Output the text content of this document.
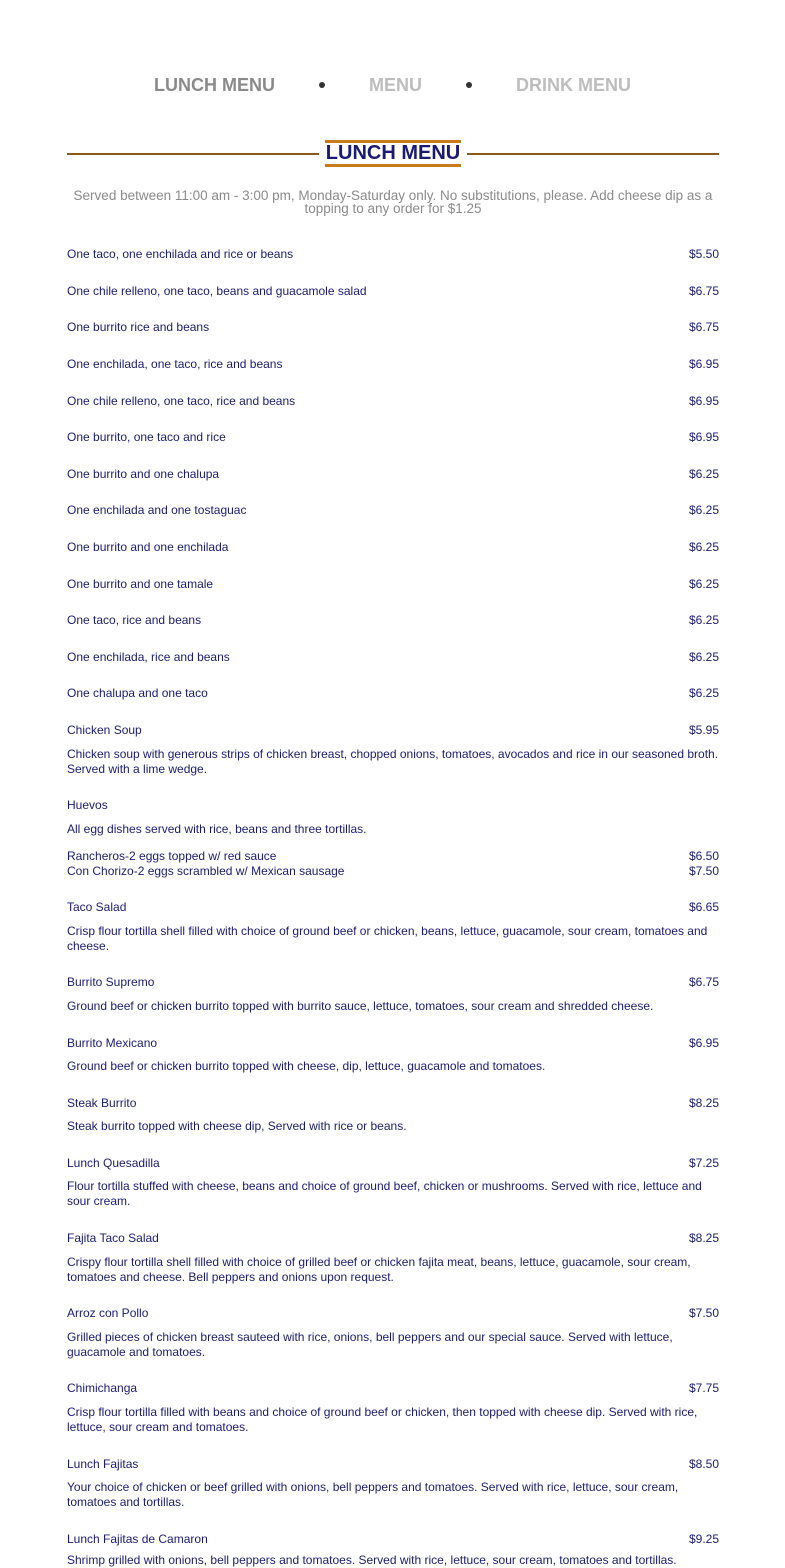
LUNCH MENU	MENU	DRINK MENU
LUNCH MENU
Served between 11:00 am - 3:00 pm, Monday-Saturday only. No substitutions, please. Add cheese dip as a topping to any order for $1.25
One taco, one enchilada and rice or beans	$5.50
One chile relleno, one taco, beans and guacamole salad	$6.75
One burrito rice and beans	$6.75
One enchilada, one taco, rice and beans	$6.95
One chile relleno, one taco, rice and beans	$6.95
One burrito, one taco and rice	$6.95
One burrito and one chalupa	$6.25
One enchilada and one tostaguac	$6.25
One burrito and one enchilada	$6.25
One burrito and one tamale	$6.25
One taco, rice and beans	$6.25
One enchilada, rice and beans	$6.25
One chalupa and one taco	$6.25
Chicken Soup	$5.95
Chicken soup with generous strips of chicken breast, chopped onions, tomatoes, avocados and rice in our seasoned broth. Served with a lime wedge.
Huevos
All egg dishes served with rice, beans and three tortillas.
Rancheros-2 eggs topped w/ red sauce	$6.50
Con Chorizo-2 eggs scrambled w/ Mexican sausage	$7.50
Taco Salad	$6.65
Crisp flour tortilla shell filled with choice of ground beef or chicken, beans, lettuce, guacamole, sour cream, tomatoes and cheese.
Burrito Supremo	$6.75
Ground beef or chicken burrito topped with burrito sauce, lettuce, tomatoes, sour cream and shredded cheese.
Burrito Mexicano	$6.95
Ground beef or chicken burrito topped with cheese, dip, lettuce, guacamole and tomatoes.
Steak Burrito	$8.25
Steak burrito topped with cheese dip, Served with rice or beans.
Lunch Quesadilla	$7.25
Flour tortilla stuffed with cheese, beans and choice of ground beef, chicken or mushrooms. Served with rice, lettuce and sour cream.
Fajita Taco Salad	$8.25
Crispy flour tortilla shell filled with choice of grilled beef or chicken fajita meat, beans, lettuce, guacamole, sour cream, tomatoes and cheese. Bell peppers and onions upon request.
Arroz con Pollo	$7.50
Grilled pieces of chicken breast sauteed with rice, onions, bell peppers and our special sauce. Served with lettuce, guacamole and tomatoes.
Chimichanga	$7.75
Crisp flour tortilla filled with beans and choice of ground beef or chicken, then topped with cheese dip. Served with rice, lettuce, sour cream and tomatoes.
Lunch Fajitas	$8.50
Your choice of chicken or beef grilled with onions, bell peppers and tomatoes. Served with rice, lettuce, sour cream, tomatoes and tortillas.
Lunch Fajitas de Camaron	$9.25
Shrimp grilled with onions, bell peppers and tomatoes. Served with rice, lettuce, sour cream, tomatoes and tortillas.
